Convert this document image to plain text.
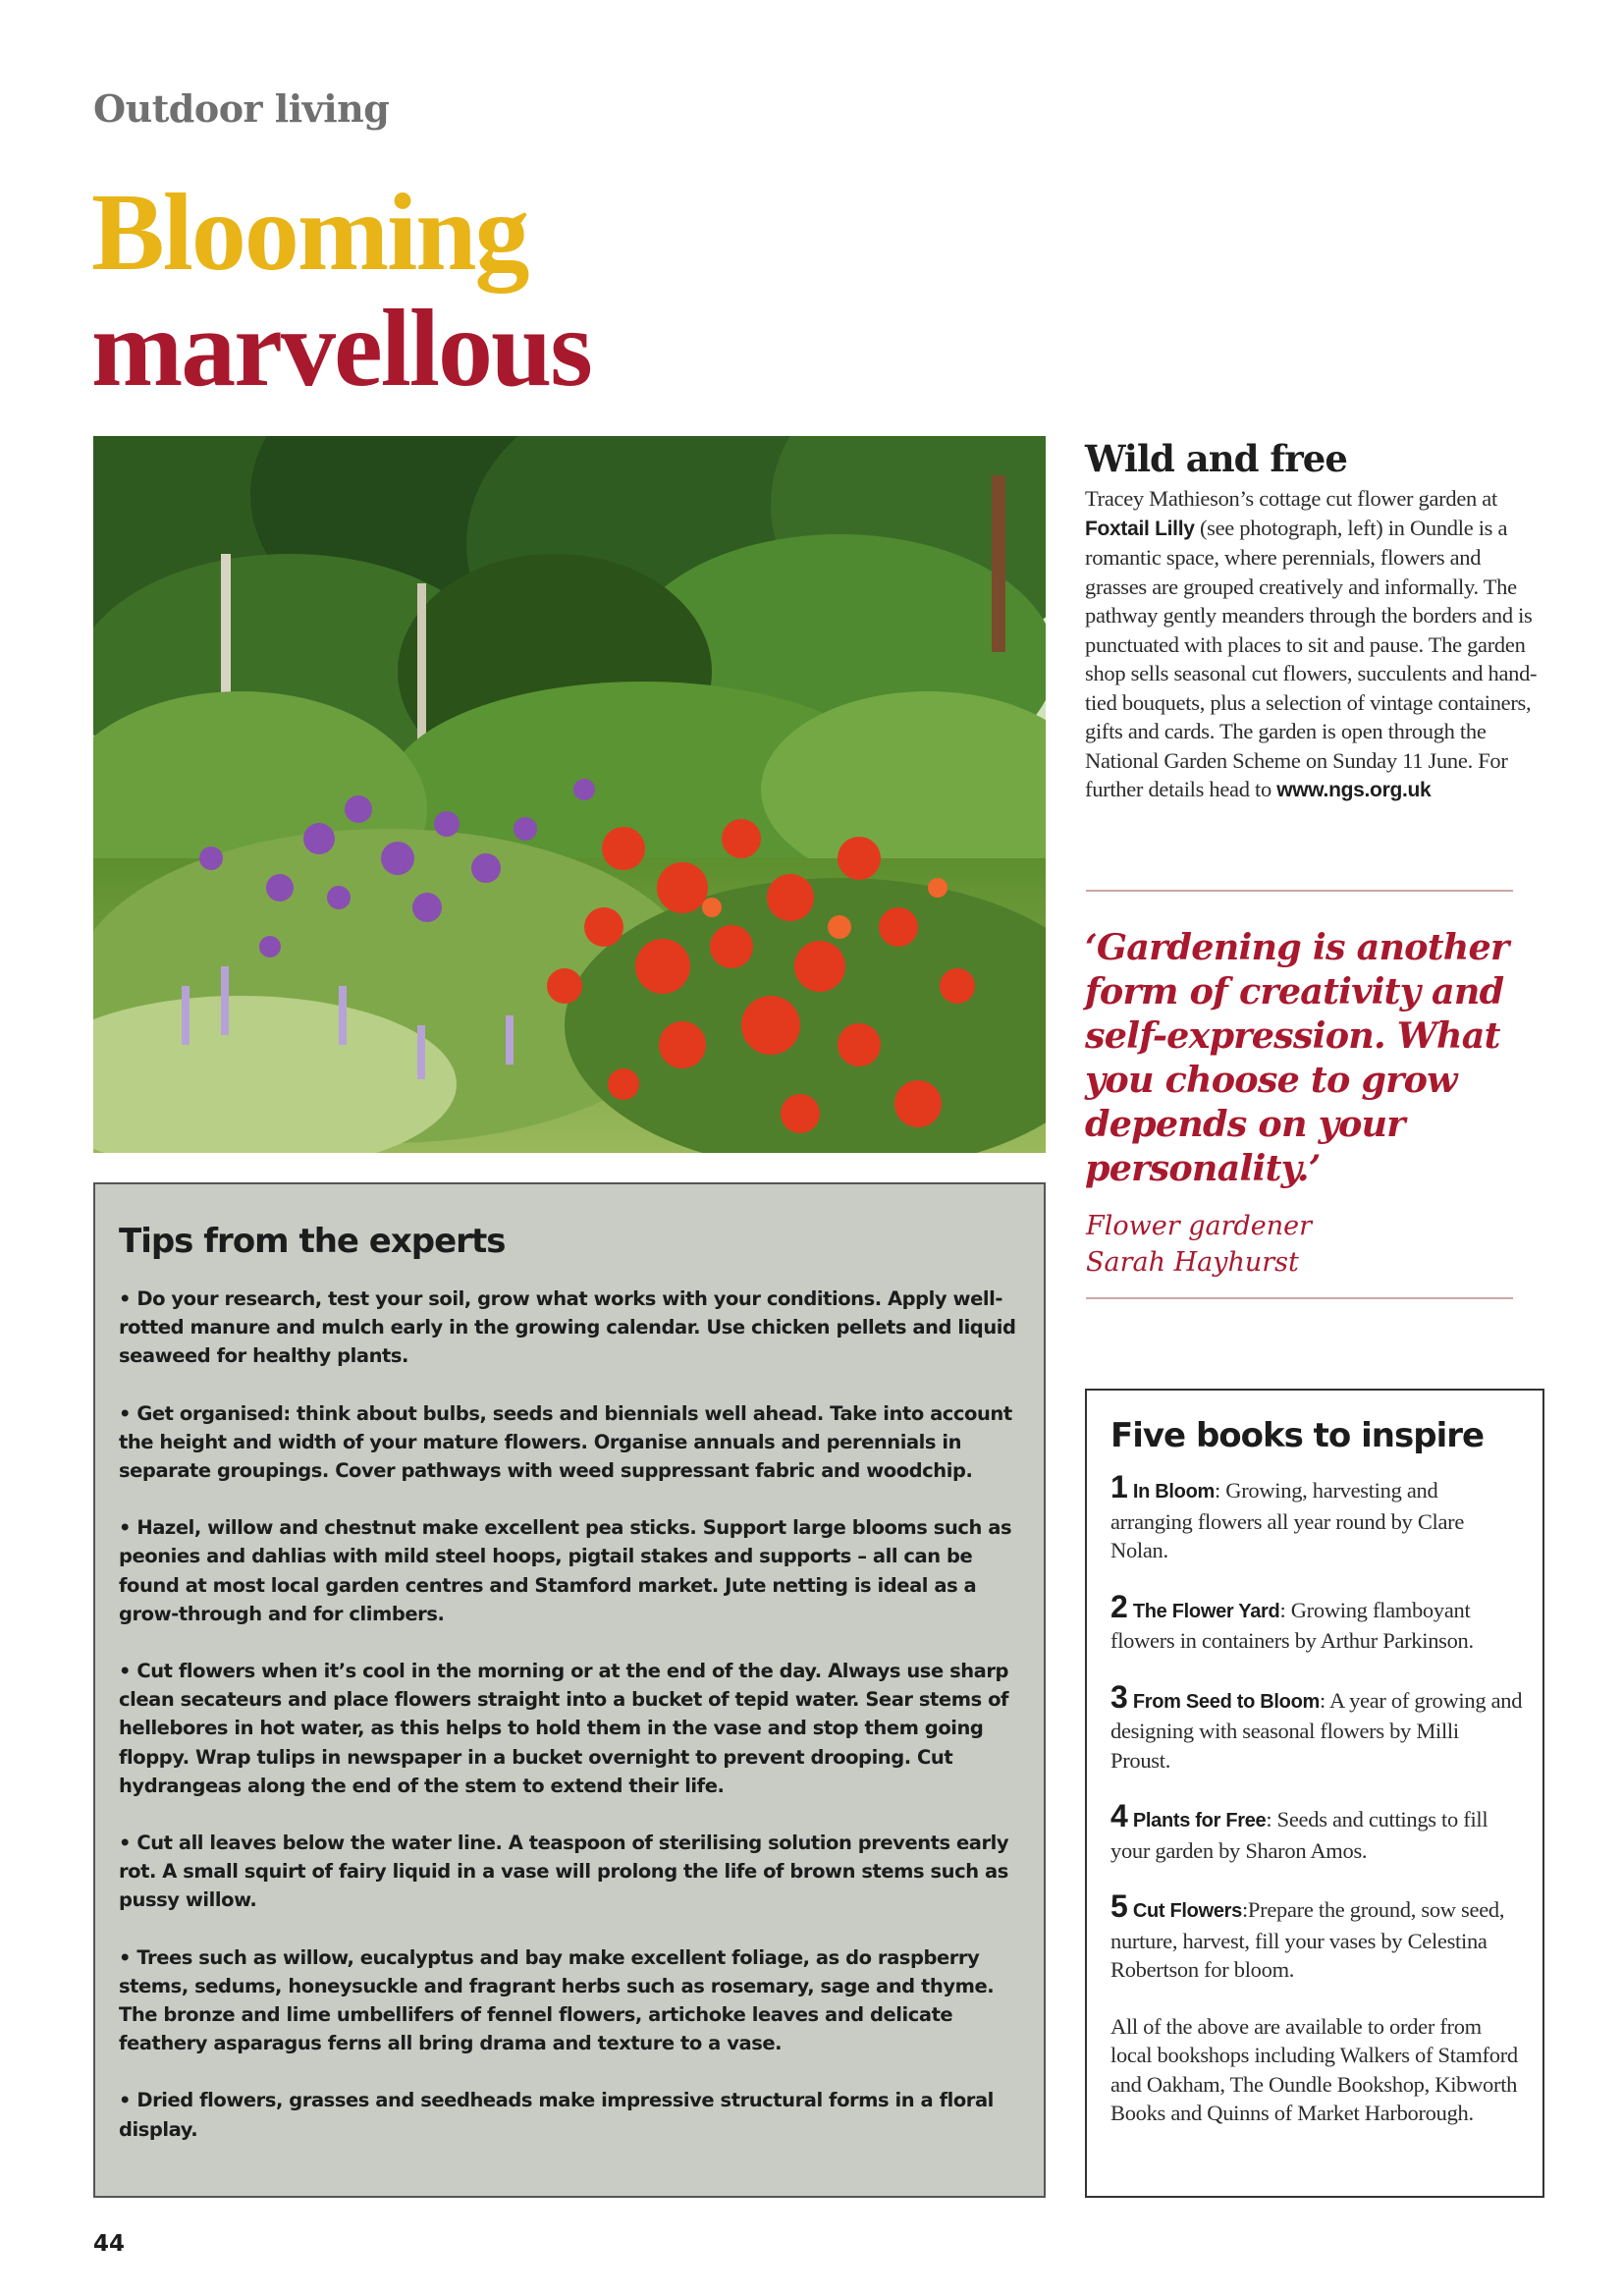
Outdoor living
Blooming
marvellous
Wild and free

Tracey Mathieson’s cottage cut flower garden at Foxtail Lilly (see photograph, left) in Oundle is a romantic space, where perennials, flowers and grasses are grouped creatively and informally. The pathway gently meanders through the borders and is punctuated with places to sit and pause. The garden shop sells seasonal cut flowers, succulents and hand-tied bouquets, plus a selection of vintage containers, gifts and cards. The garden is open through the National Garden Scheme on Sunday 11 June. For further details head to www.ngs.org.uk

‘Gardening is another form of creativity and self-expression. What you choose to grow depends on your personality.’
Flower gardener
Sarah Hayhurst
Tips from the experts

• Do your research, test your soil, grow what works with your conditions. Apply well-rotted manure and mulch early in the growing calendar. Use chicken pellets and liquid seaweed for healthy plants.

• Get organised: think about bulbs, seeds and biennials well ahead. Take into account the height and width of your mature flowers. Organise annuals and perennials in separate groupings. Cover pathways with weed suppressant fabric and woodchip.

• Hazel, willow and chestnut make excellent pea sticks. Support large blooms such as peonies and dahlias with mild steel hoops, pigtail stakes and supports – all can be found at most local garden centres and Stamford market. Jute netting is ideal as a grow-through and for climbers.

• Cut flowers when it’s cool in the morning or at the end of the day. Always use sharp clean secateurs and place flowers straight into a bucket of tepid water. Sear stems of hellebores in hot water, as this helps to hold them in the vase and stop them going floppy. Wrap tulips in newspaper in a bucket overnight to prevent drooping. Cut hydrangeas along the end of the stem to extend their life.

• Cut all leaves below the water line. A teaspoon of sterilising solution prevents early rot. A small squirt of fairy liquid in a vase will prolong the life of brown stems such as pussy willow.

• Trees such as willow, eucalyptus and bay make excellent foliage, as do raspberry stems, sedums, honeysuckle and fragrant herbs such as rosemary, sage and thyme. The bronze and lime umbellifers of fennel flowers, artichoke leaves and delicate feathery asparagus ferns all bring drama and texture to a vase.

• Dried flowers, grasses and seedheads make impressive structural forms in a floral display.

Five books to inspire
1 In Bloom: Growing, harvesting and arranging flowers all year round by Clare Nolan.
2 The Flower Yard: Growing flamboyant flowers in containers by Arthur Parkinson.
3 From Seed to Bloom: A year of growing and designing with seasonal flowers by Milli Proust.
4 Plants for Free: Seeds and cuttings to fill your garden by Sharon Amos.
5 Cut Flowers:Prepare the ground, sow seed, nurture, harvest, fill your vases by Celestina Robertson for bloom.
All of the above are available to order from local bookshops including Walkers of Stamford and Oakham, The Oundle Bookshop, Kibworth Books and Quinns of Market Harborough.
44
